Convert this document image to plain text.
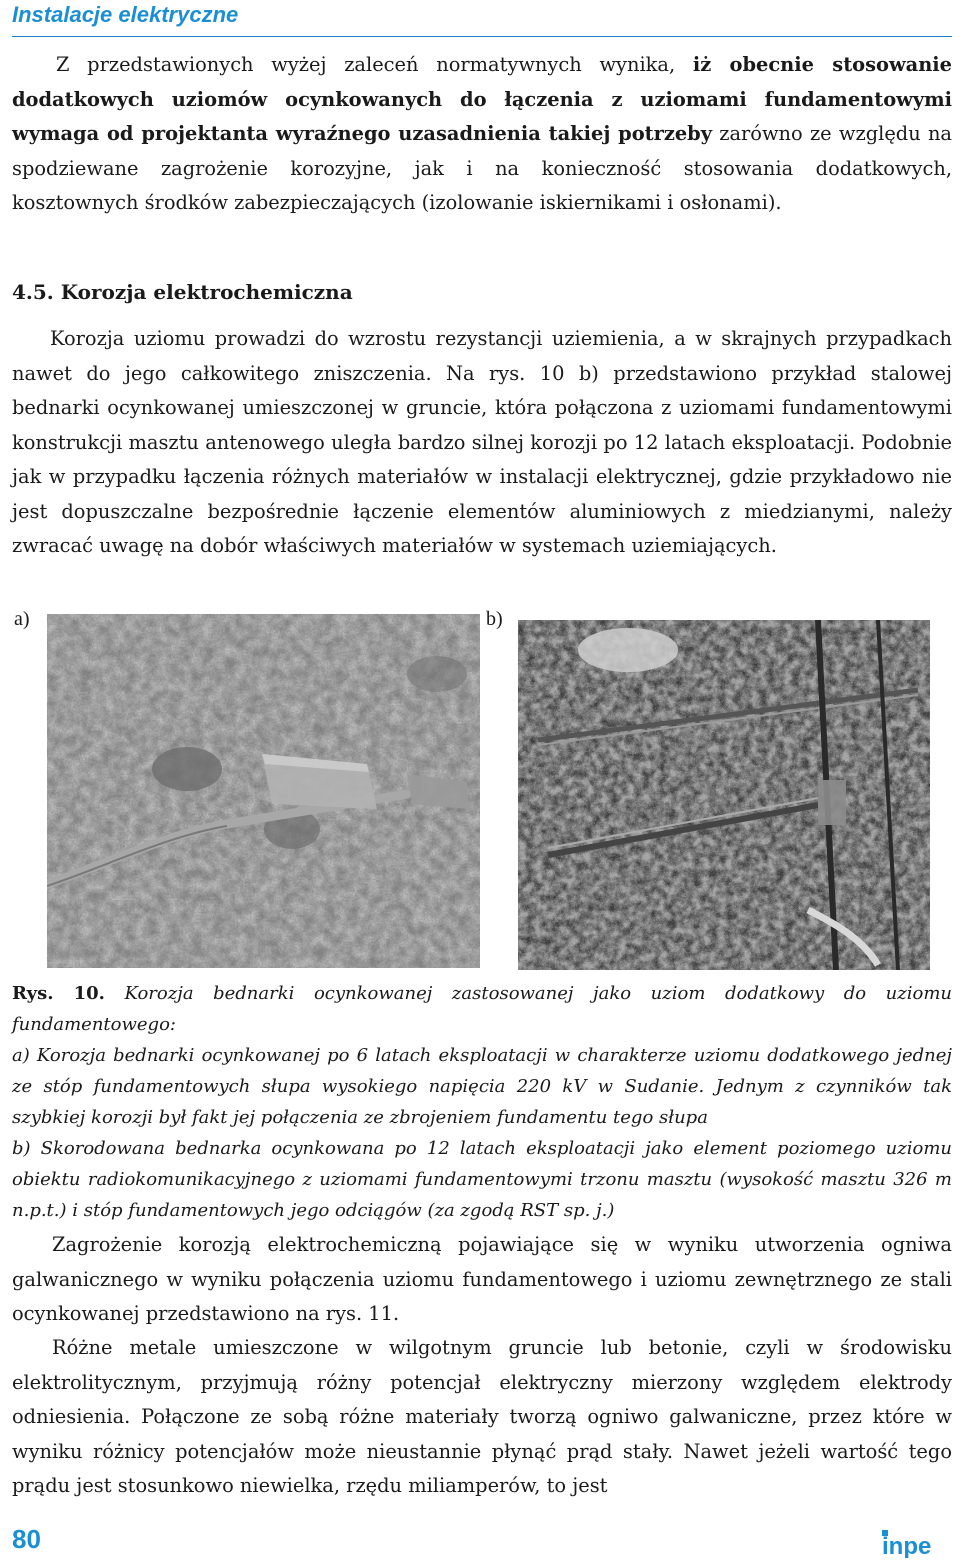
Instalacje elektryczne
Z przedstawionych wyżej zaleceń normatywnych wynika, iż obecnie stosowanie dodatkowych uziomów ocynkowanych do łączenia z uziomami fundamentowymi wymaga od projektanta wyraźnego uzasadnienia takiej potrzeby zarówno ze względu na spodziewane zagrożenie korozyjne, jak i na konieczność stosowania dodatkowych, kosztownych środków zabezpieczających (izolowanie iskiernikami i osłonami).
4.5. Korozja elektrochemiczna
Korozja uziomu prowadzi do wzrostu rezystancji uziemienia, a w skrajnych przypadkach nawet do jego całkowitego zniszczenia. Na rys. 10 b) przedstawiono przykład stalowej bednarki ocynkowanej umieszczonej w gruncie, która połączona z uziomami fundamentowymi konstrukcji masztu antenowego uległa bardzo silnej korozji po 12 latach eksploatacji. Podobnie jak w przypadku łączenia różnych materiałów w instalacji elektrycznej, gdzie przykładowo nie jest dopuszczalne bezpośrednie łączenie elementów aluminiowych z miedzianymi, należy zwracać uwagę na dobór właściwych materiałów w systemach uziemiających.
a)	b)
Rys. 10. Korozja bednarki ocynkowanej zastosowanej jako uziom dodatkowy do uziomu fundamentowego:
a) Korozja bednarki ocynkowanej po 6 latach eksploatacji w charakterze uziomu dodatkowego jednej ze stóp fundamentowych słupa wysokiego napięcia 220 kV w Sudanie. Jednym z czynników tak szybkiej korozji był fakt jej połączenia ze zbrojeniem fundamentu tego słupa
b) Skorodowana bednarka ocynkowana po 12 latach eksploatacji jako element poziomego uziomu obiektu radiokomunikacyjnego z uziomami fundamentowymi trzonu masztu (wysokość masztu 326 m n.p.t.) i stóp fundamentowych jego odciągów (za zgodą RST sp. j.)
Zagrożenie korozją elektrochemiczną pojawiające się w wyniku utworzenia ogniwa galwanicznego w wyniku połączenia uziomu fundamentowego i uziomu zewnętrznego ze stali ocynkowanej przedstawiono na rys. 11.
Różne metale umieszczone w wilgotnym gruncie lub betonie, czyli w środowisku elektrolitycznym, przyjmują różny potencjał elektryczny mierzony względem elektrody odniesienia. Połączone ze sobą różne materiały tworzą ogniwo galwaniczne, przez które w wyniku różnicy potencjałów może nieustannie płynąć prąd stały. Nawet jeżeli wartość tego prądu jest stosunkowo niewielka, rzędu miliamperów, to jest
80	inpe
